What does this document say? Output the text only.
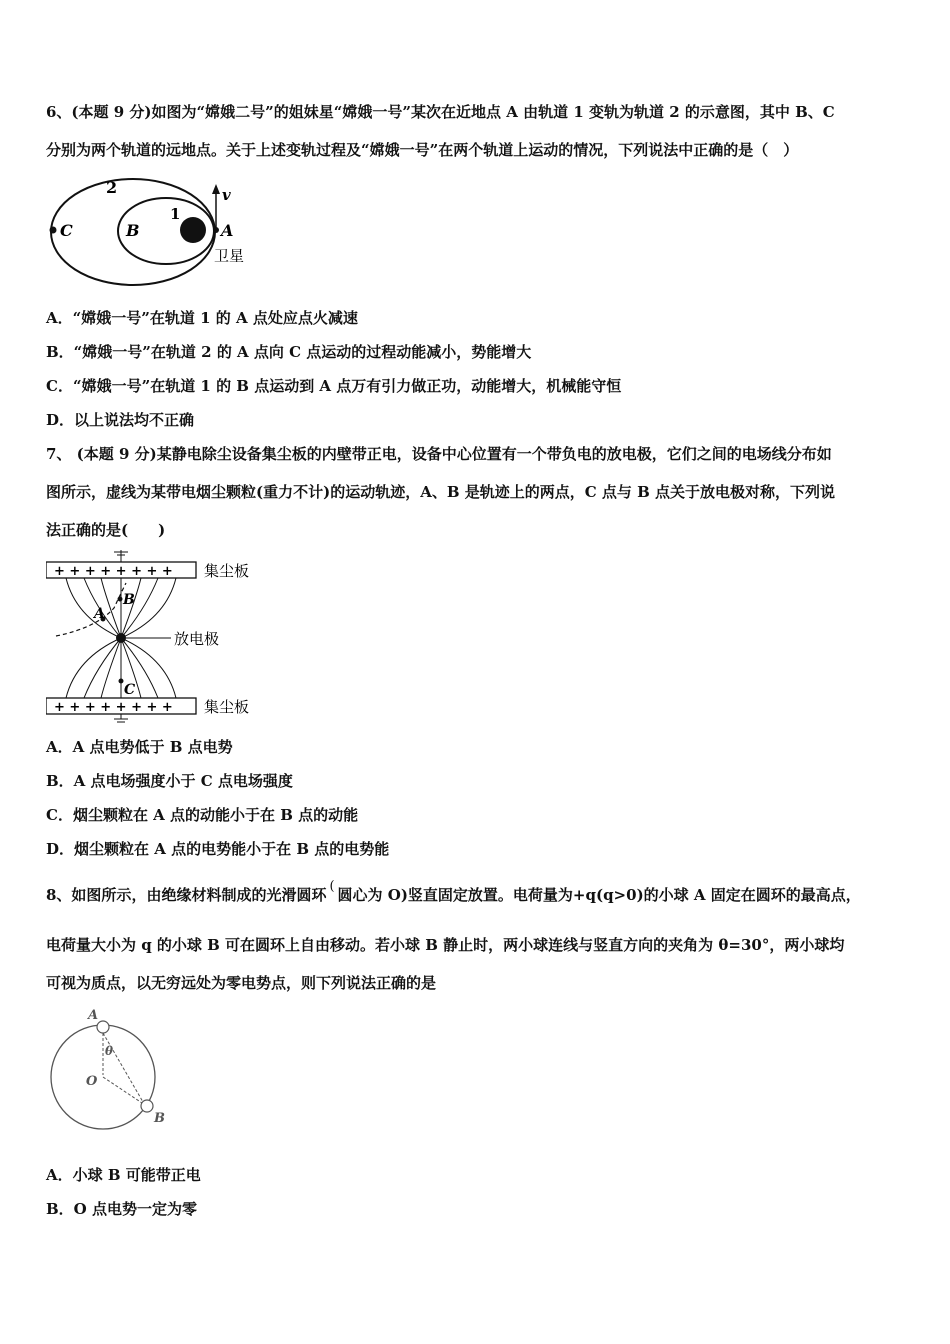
6、(本题 9 分)如图为“嫦娥二号”的姐妹星“嫦娥一号”某次在近地点 A 由轨道 1 变轨为轨道 2 的示意图，其中 B、C
分别为两个轨道的远地点。关于上述变轨过程及“嫦娥一号”在两个轨道上运动的情况，下列说法中正确的是（　）
2
1
C	B	A
v
卫星
A．“嫦娥一号”在轨道 1 的 A 点处应点火减速
B．“嫦娥一号”在轨道 2 的 A 点向 C 点运动的过程动能减小，势能增大
C．“嫦娥一号”在轨道 1 的 B 点运动到 A 点万有引力做正功，动能增大，机械能守恒
D．以上说法均不正确
7、 (本题 9 分)某静电除尘设备集尘板的内壁带正电，设备中心位置有一个带负电的放电极，它们之间的电场线分布如
图所示，虚线为某带电烟尘颗粒(重力不计)的运动轨迹，A、B 是轨迹上的两点，C 点与 B 点关于放电极对称，下列说
法正确的是(　　)
+ + + + + + + + 集尘板
放电极
A
B
C
+ + + + + + + + 集尘板
A．A 点电势低于 B 点电势
B．A 点电场强度小于 C 点电场强度
C．烟尘颗粒在 A 点的动能小于在 B 点的动能
D．烟尘颗粒在 A 点的电势能小于在 B 点的电势能
8、如图所示，由绝缘材料制成的光滑圆环 ( 圆心为 O)竖直固定放置。电荷量为+q(q>0)的小球 A 固定在圆环的最高点，
电荷量大小为 q 的小球 B 可在圆环上自由移动。若小球 B 静止时，两小球连线与竖直方向的夹角为 θ=30°，两小球均
可视为质点，以无穷远处为零电势点，则下列说法正确的是
A
B
O
θ
A．小球 B 可能带正电
B．O 点电势一定为零
